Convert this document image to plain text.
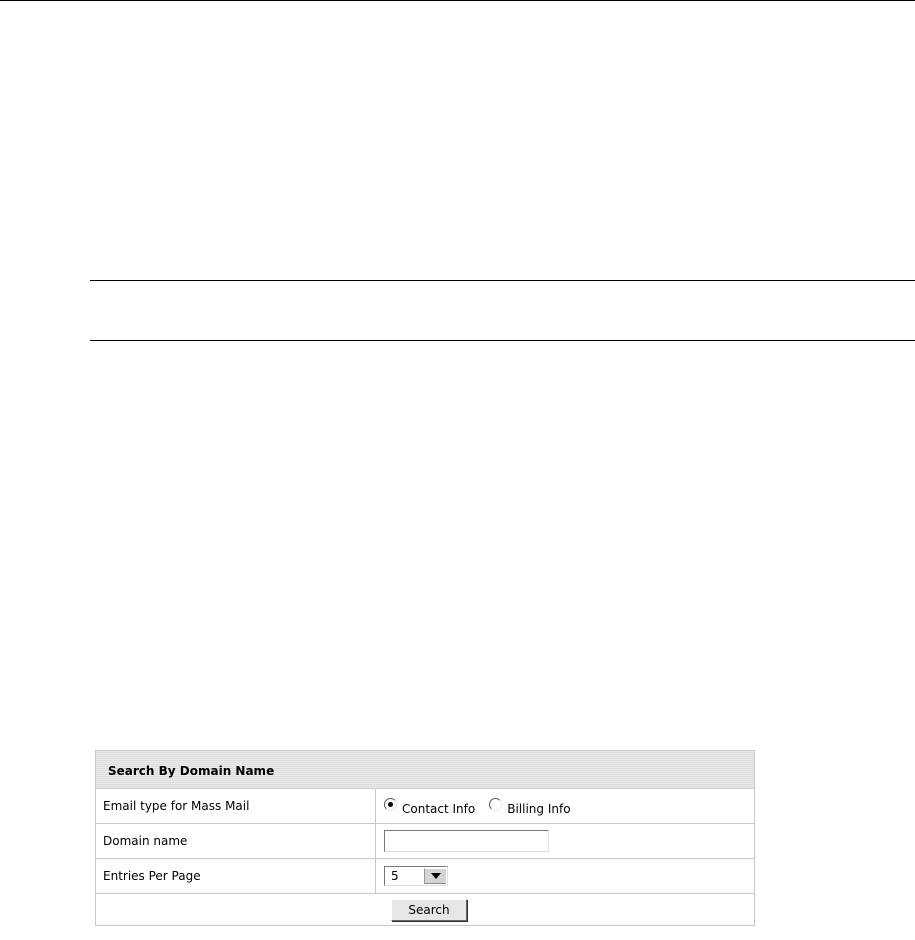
Search By Domain Name
Email type for Mass Mail	Contact Info	Billing Info
Domain name
Entries Per Page	5
Search
